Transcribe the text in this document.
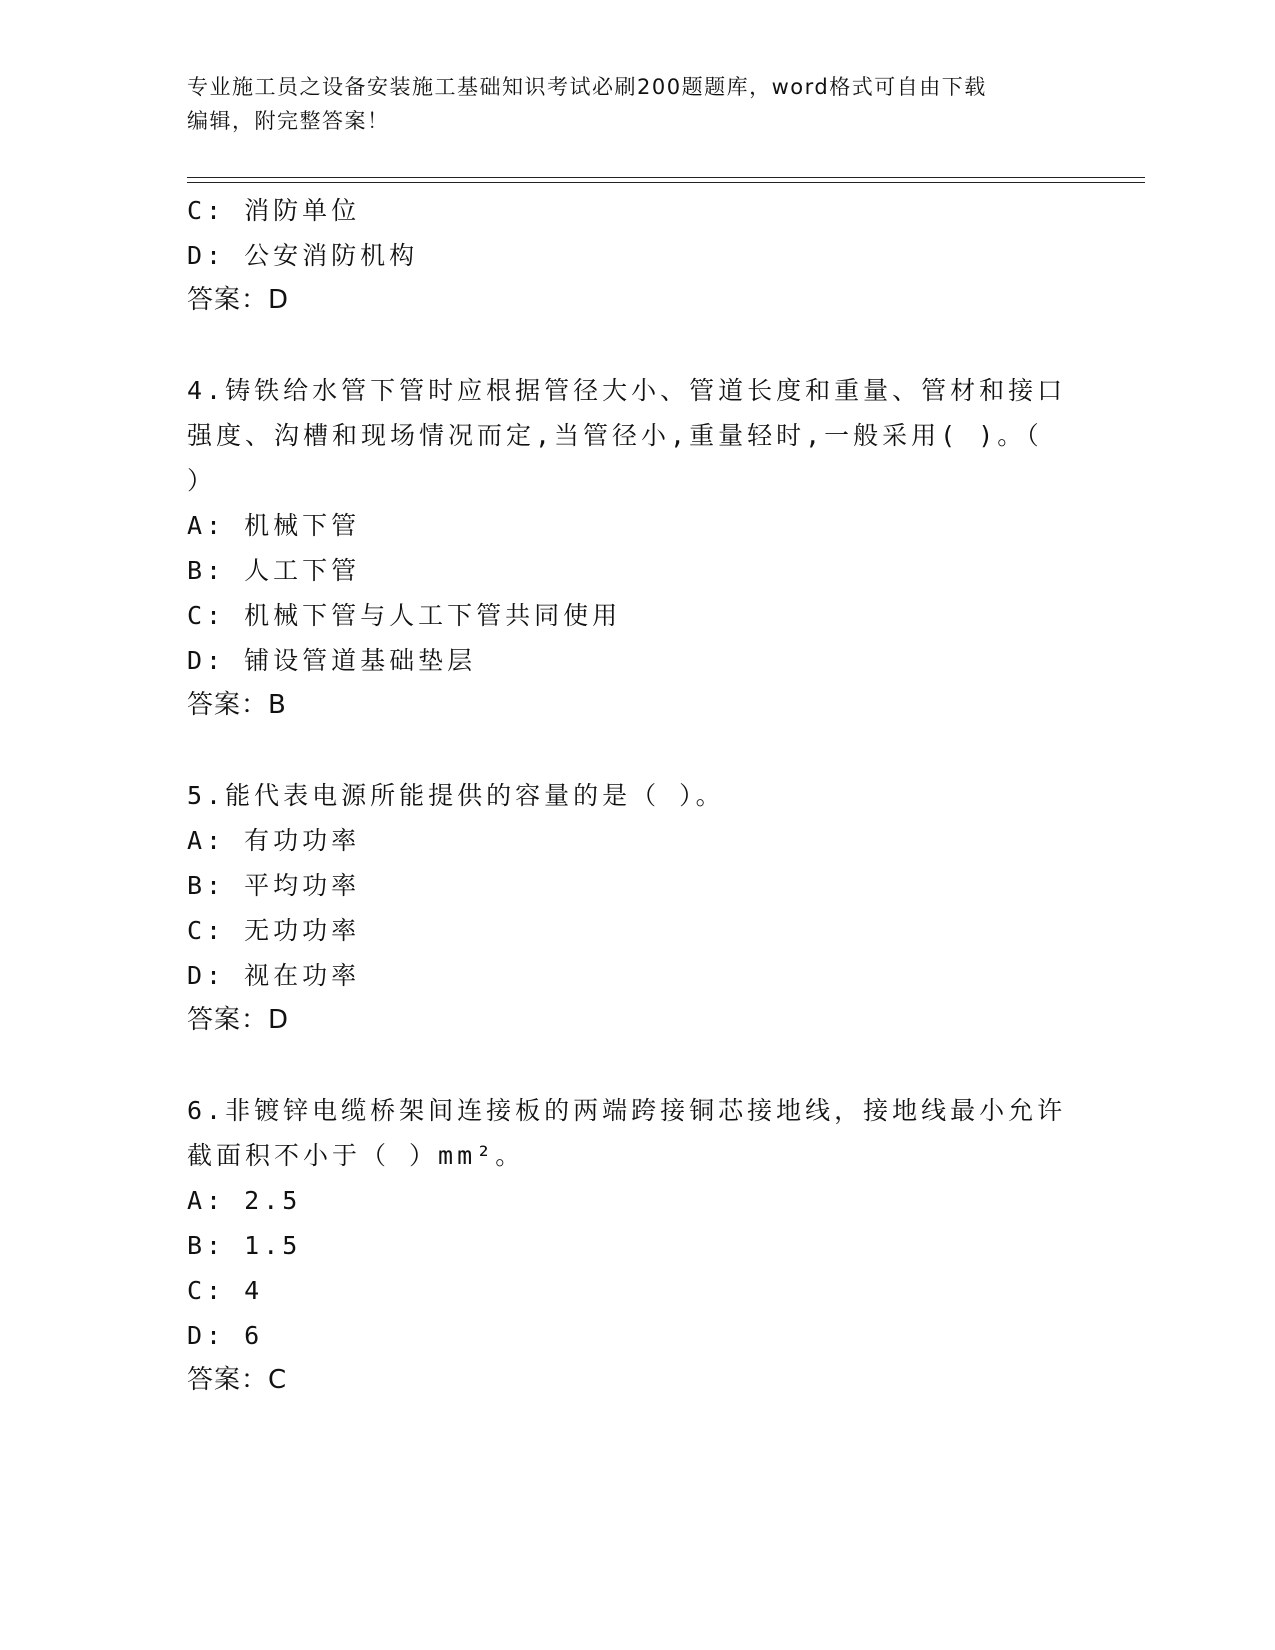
专业施工员之设备安装施工基础知识考试必刷200题题库，word格式可自由下载
编辑，附完整答案！
C: 消防单位
D: 公安消防机构
答案：D
4.铸铁给水管下管时应根据管径大小、管道长度和重量、管材和接口
强度、沟槽和现场情况而定,当管径小,重量轻时,一般采用( )。（
）
A: 机械下管
B: 人工下管
C: 机械下管与人工下管共同使用
D: 铺设管道基础垫层
答案：B
5.能代表电源所能提供的容量的是（ ）。
A: 有功功率
B: 平均功率
C: 无功功率
D: 视在功率
答案：D
6.非镀锌电缆桥架间连接板的两端跨接铜芯接地线，接地线最小允许
截面积不小于（ ）mm²。
A: 2.5
B: 1.5
C: 4
D: 6
答案：C
